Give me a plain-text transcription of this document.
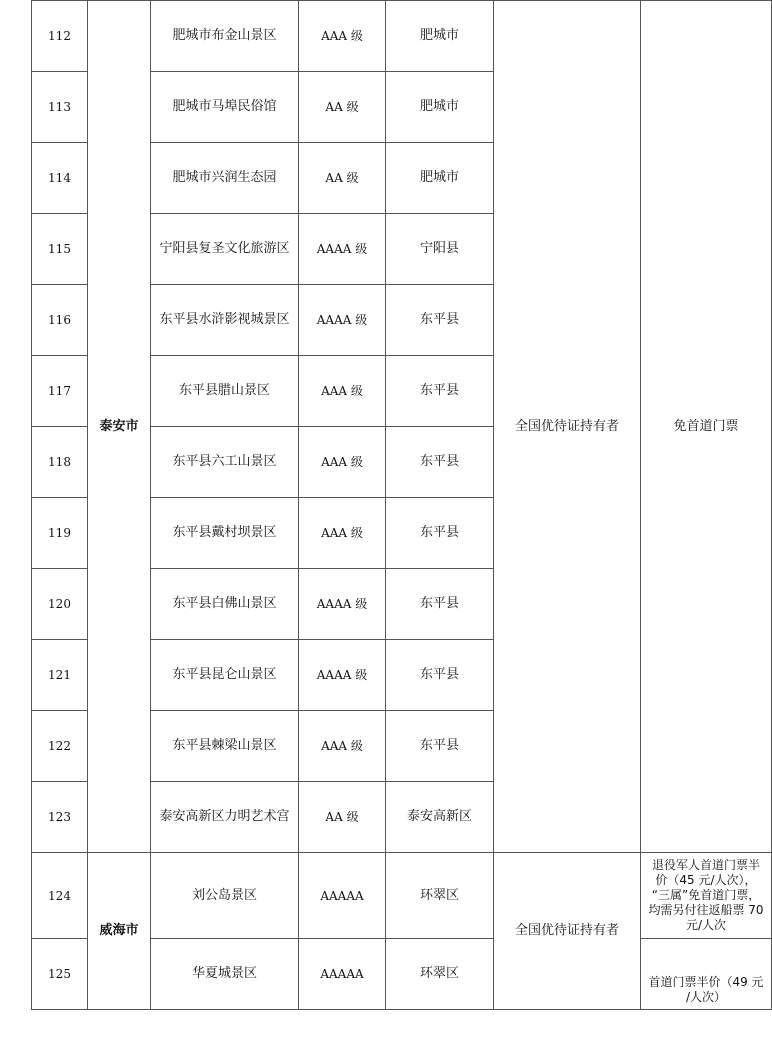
112	泰安市	肥城市布金山景区	AAA 级	肥城市	全国优待证持有者	免首道门票
113		肥城市马埠民俗馆	AA 级	肥城市		
114		肥城市兴润生态园	AA 级	肥城市		
115		宁阳县复圣文化旅游区	AAAA 级	宁阳县		
116		东平县水浒影视城景区	AAAA 级	东平县		
117		东平县腊山景区	AAA 级	东平县		
118		东平县六工山景区	AAA 级	东平县		
119		东平县戴村坝景区	AAA 级	东平县		
120		东平县白佛山景区	AAAA 级	东平县		
121		东平县昆仑山景区	AAAA 级	东平县		
122		东平县棘梁山景区	AAA 级	东平县		
123		泰安高新区力明艺术宫	AA 级	泰安高新区		
124	威海市	刘公岛景区	AAAAA	环翠区	全国优待证持有者	退役军人首道门票半
价（45 元/人次），
“三属”免首道门票，
均需另付往返船票 70
元/人次

125		华夏城景区	AAAAA	环翠区		首道门票半价（49 元
/人次）
